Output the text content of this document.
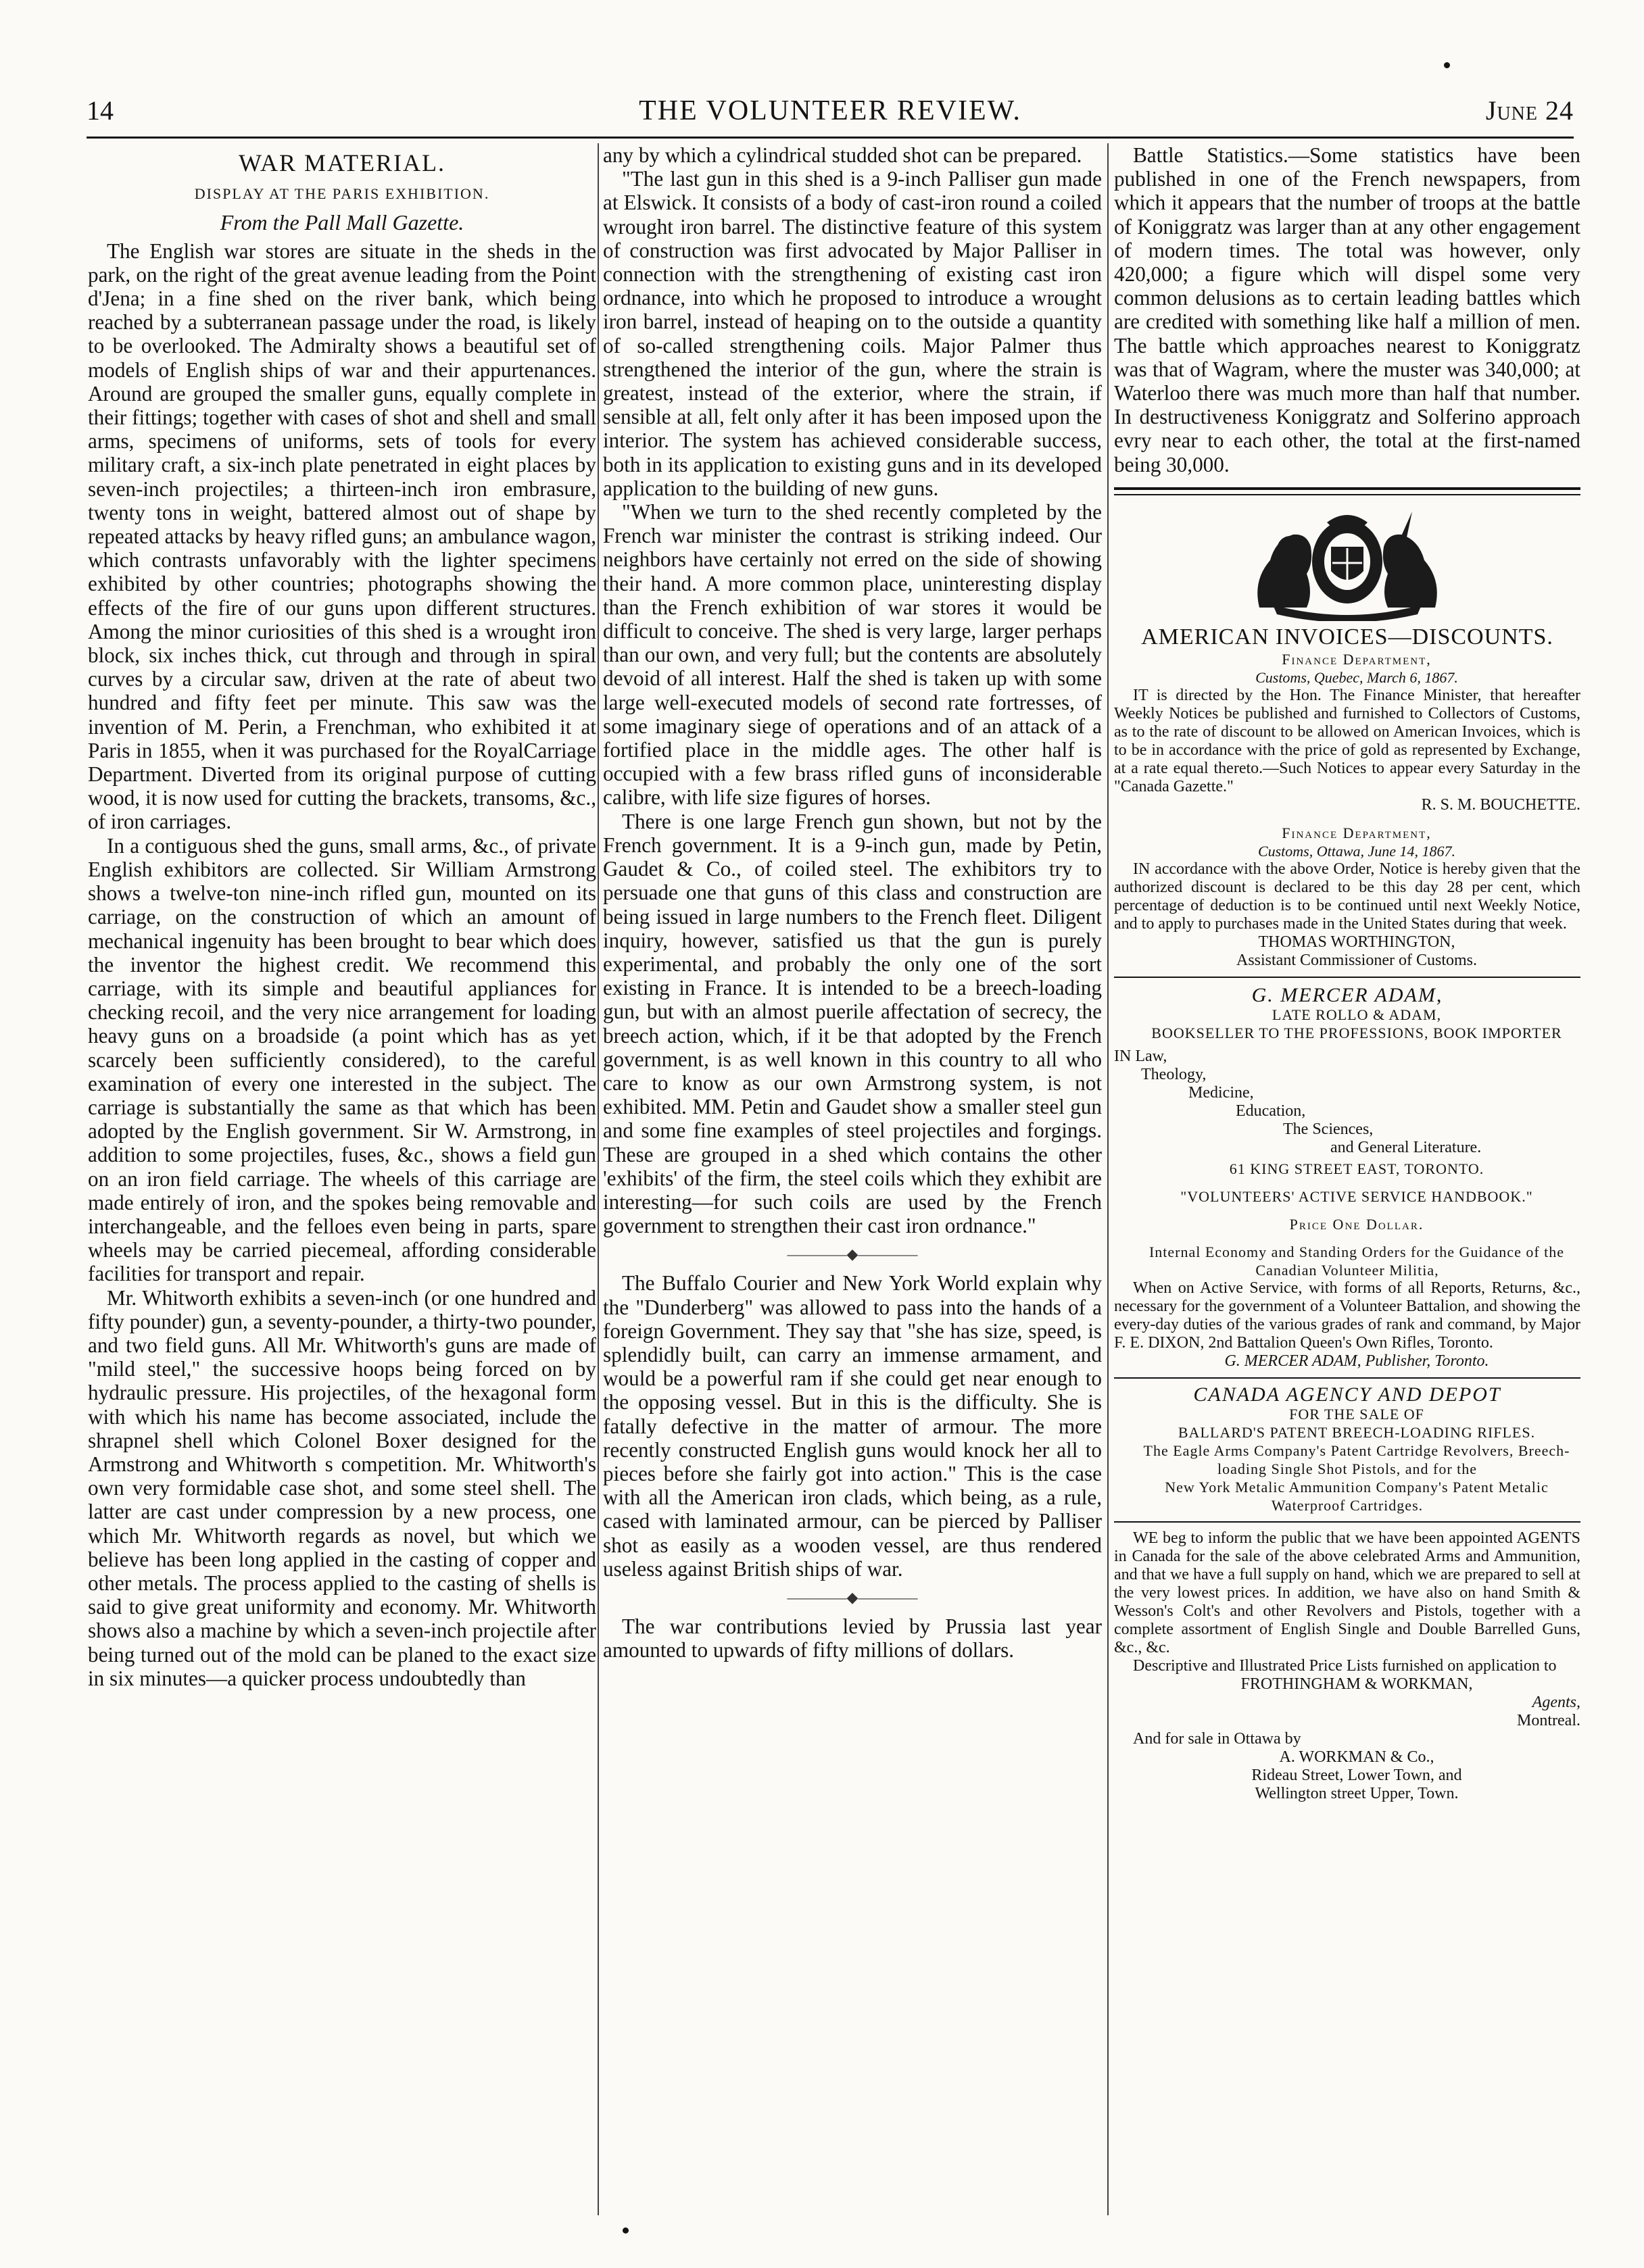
14	THE VOLUNTEER REVIEW.	June 24
WAR MATERIAL.
DISPLAY AT THE PARIS EXHIBITION.
From the Pall Mall Gazette.

The English war stores are situate in the sheds in the park, on the right of the great avenue leading from the Point d'Jena; in a fine shed on the river bank, which being reached by a subterranean passage under the road, is likely to be overlooked. The Admiralty shows a beautiful set of models of English ships of war and their appurtenances. Around are grouped the smaller guns, equally complete in their fittings; together with cases of shot and shell and small arms, specimens of uniforms, sets of tools for every military craft, a six-inch plate penetrated in eight places by seven-inch projectiles; a thirteen-inch iron embrasure, twenty tons in weight, battered almost out of shape by repeated attacks by heavy rifled guns; an ambulance wagon, which contrasts unfavorably with the lighter specimens exhibited by other countries; photographs showing the effects of the fire of our guns upon different structures. Among the minor curiosities of this shed is a wrought iron block, six inches thick, cut through and through in spiral curves by a circular saw, driven at the rate of abeut two hundred and fifty feet per minute. This saw was the invention of M. Perin, a Frenchman, who exhibited it at Paris in 1855, when it was purchased for the RoyalCarriage Department. Diverted from its original purpose of cutting wood, it is now used for cutting the brackets, transoms, &c., of iron carriages.

In a contiguous shed the guns, small arms, &c., of private English exhibitors are collected. Sir William Armstrong shows a twelve-ton nine-inch rifled gun, mounted on its carriage, on the construction of which an amount of mechanical ingenuity has been brought to bear which does the inventor the highest credit. We recommend this carriage, with its simple and beautiful appliances for checking recoil, and the very nice arrangement for loading heavy guns on a broadside (a point which has as yet scarcely been sufficiently considered), to the careful examination of every one interested in the subject. The carriage is substantially the same as that which has been adopted by the English government. Sir W. Armstrong, in addition to some projectiles, fuses, &c., shows a field gun on an iron field carriage. The wheels of this carriage are made entirely of iron, and the spokes being removable and interchangeable, and the felloes even being in parts, spare wheels may be carried piecemeal, affording considerable facilities for transport and repair.

Mr. Whitworth exhibits a seven-inch (or one hundred and fifty pounder) gun, a seventy-pounder, a thirty-two pounder, and two field guns. All Mr. Whitworth's guns are made of "mild steel," the successive hoops being forced on by hydraulic pressure. His projectiles, of the hexagonal form with which his name has become associated, include the shrapnel shell which Colonel Boxer designed for the Armstrong and Whitworth s competition. Mr. Whitworth's own very formidable case shot, and some steel shell. The latter are cast under compression by a new process, one which Mr. Whitworth regards as novel, but which we believe has been long applied in the casting of copper and other metals. The process applied to the casting of shells is said to give great uniformity and economy. Mr. Whitworth shows also a machine by which a seven-inch projectile after being turned out of the mold can be planed to the exact size in six minutes—a quicker process undoubtedly than

any by which a cylindrical studded shot can be prepared.

"The last gun in this shed is a 9-inch Palliser gun made at Elswick. It consists of a body of cast-iron round a coiled wrought iron barrel. The distinctive feature of this system of construction was first advocated by Major Palliser in connection with the strengthening of existing cast iron ordnance, into which he proposed to introduce a wrought iron barrel, instead of heaping on to the outside a quantity of so-called strengthening coils. Major Palmer thus strengthened the interior of the gun, where the strain is greatest, instead of the exterior, where the strain, if sensible at all, felt only after it has been imposed upon the interior. The system has achieved considerable success, both in its application to existing guns and in its developed application to the building of new guns.

"When we turn to the shed recently completed by the French war minister the contrast is striking indeed. Our neighbors have certainly not erred on the side of showing their hand. A more common place, uninteresting display than the French exhibition of war stores it would be difficult to conceive. The shed is very large, larger perhaps than our own, and very full; but the contents are absolutely devoid of all interest. Half the shed is taken up with some large well-executed models of second rate fortresses, of some imaginary siege of operations and of an attack of a fortified place in the middle ages. The other half is occupied with a few brass rifled guns of inconsiderable calibre, with life size figures of horses.

There is one large French gun shown, but not by the French government. It is a 9-inch gun, made by Petin, Gaudet & Co., of coiled steel. The exhibitors try to persuade one that guns of this class and construction are being issued in large numbers to the French fleet. Diligent inquiry, however, satisfied us that the gun is purely experimental, and probably the only one of the sort existing in France. It is intended to be a breech-loading gun, but with an almost puerile affectation of secrecy, the breech action, which, if it be that adopted by the French government, is as well known in this country to all who care to know as our own Armstrong system, is not exhibited. MM. Petin and Gaudet show a smaller steel gun and some fine examples of steel projectiles and forgings. These are grouped in a shed which contains the other 'exhibits' of the firm, the steel coils which they exhibit are interesting—for such coils are used by the French government to strengthen their cast iron ordnance."

————◆————

The Buffalo Courier and New York World explain why the "Dunderberg" was allowed to pass into the hands of a foreign Government. They say that "she has size, speed, is splendidly built, can carry an immense armament, and would be a powerful ram if she could get near enough to the opposing vessel. But in this is the difficulty. She is fatally defective in the matter of armour. The more recently constructed English guns would knock her all to pieces before she fairly got into action." This is the case with all the American iron clads, which being, as a rule, cased with laminated armour, can be pierced by Palliser shot as easily as a wooden vessel, are thus rendered useless against British ships of war.

————◆————

The war contributions levied by Prussia last year amounted to upwards of fifty millions of dollars.

Battle Statistics.—Some statistics have been published in one of the French newspapers, from which it appears that the number of troops at the battle of Koniggratz was larger than at any other engagement of modern times. The total was however, only 420,000; a figure which will dispel some very common delusions as to certain leading battles which are credited with something like half a million of men. The battle which approaches nearest to Koniggratz was that of Wagram, where the muster was 340,000; at Waterloo there was much more than half that number. In destructiveness Koniggratz and Solferino approach evry near to each other, the total at the first-named being 30,000.

AMERICAN INVOICES—DISCOUNTS.

Finance Department,

Customs, Quebec, March 6, 1867.

IT is directed by the Hon. The Finance Minister, that hereafter Weekly Notices be published and furnished to Collectors of Customs, as to the rate of discount to be allowed on American Invoices, which is to be in accordance with the price of gold as represented by Exchange, at a rate equal thereto.—Such Notices to appear every Saturday in the "Canada Gazette."

R. S. M. BOUCHETTE.

Finance Department,

Customs, Ottawa, June 14, 1867.

IN accordance with the above Order, Notice is hereby given that the authorized discount is declared to be this day 28 per cent, which percentage of deduction is to be continued until next Weekly Notice, and to apply to purchases made in the United States during that week.

THOMAS WORTHINGTON,

Assistant Commissioner of Customs.

G. MERCER ADAM,

LATE ROLLO & ADAM,

BOOKSELLER TO THE PROFESSIONS, BOOK IMPORTER

IN Law,
Theology,
Medicine,
Education,
The Sciences,
and General Literature.

61 KING STREET EAST, TORONTO.

"VOLUNTEERS' ACTIVE SERVICE HANDBOOK."

Price One Dollar.

Internal Economy and Standing Orders for the Guidance of the Canadian Volunteer Militia,

When on Active Service, with forms of all Reports, Returns, &c., necessary for the government of a Volunteer Battalion, and showing the every-day duties of the various grades of rank and command, by Major F. E. DIXON, 2nd Battalion Queen's Own Rifles, Toronto.

G. MERCER ADAM, Publisher, Toronto.

CANADA AGENCY AND DEPOT

FOR THE SALE OF

BALLARD'S PATENT BREECH-LOADING RIFLES.

The Eagle Arms Company's Patent Cartridge Revolvers, Breech-loading Single Shot Pistols, and for the

New York Metalic Ammunition Company's Patent Metalic Waterproof Cartridges.

WE beg to inform the public that we have been appointed AGENTS in Canada for the sale of the above celebrated Arms and Ammunition, and that we have a full supply on hand, which we are prepared to sell at the very lowest prices. In addition, we have also on hand Smith & Wesson's Colt's and other Revolvers and Pistols, together with a complete assortment of English Single and Double Barrelled Guns, &c., &c.

Descriptive and Illustrated Price Lists furnished on application to

FROTHINGHAM & WORKMAN,

Agents,

Montreal.

And for sale in Ottawa by

A. WORKMAN & Co.,

Rideau Street, Lower Town, and

Wellington street Upper, Town.
